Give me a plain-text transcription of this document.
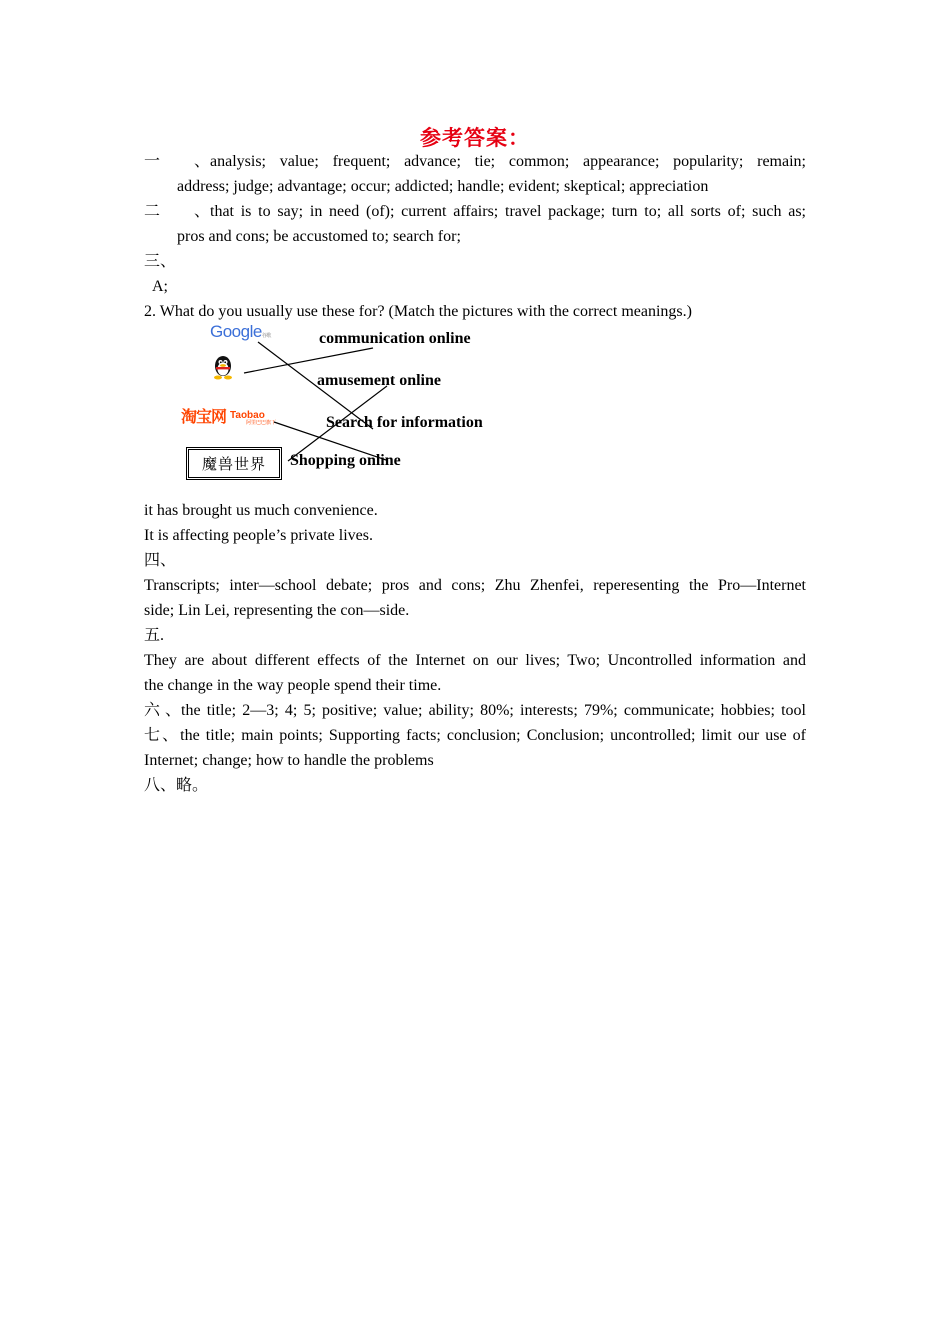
参考答案：
一、analysis; value; frequent; advance; tie; common; appearance; popularity; remain;
address; judge; advantage; occur; addicted; handle; evident; skeptical; appreciation
二、that is to say; in need (of); current affairs; travel package; turn to; all sorts of; such as;
pros and cons; be accustomed to; search for;
三、
A;
2. What do you usually use these for? (Match the pictures with the correct meanings.)
Google谷歌
淘宝网 $^{Taobao}$
阿里巴巴旗下
魔兽世界
communication online
amusement online
Search for information
Shopping online
it has brought us much convenience.
It is affecting people’s private lives.
四、
Transcripts; inter—school debate; pros and cons; Zhu Zhenfei, reperesenting the Pro—Internet
side; Lin Lei, representing the con—side.
五.
They are about different effects of the Internet on our lives; Two; Uncontrolled information and
the change in the way people spend their time.
六、the title; 2—3; 4; 5; positive; value; ability; 80%; interests; 79%; communicate; hobbies; tool
七、the title; main points; Supporting facts; conclusion; Conclusion; uncontrolled; limit our use of
Internet; change; how to handle the problems
八、略。
